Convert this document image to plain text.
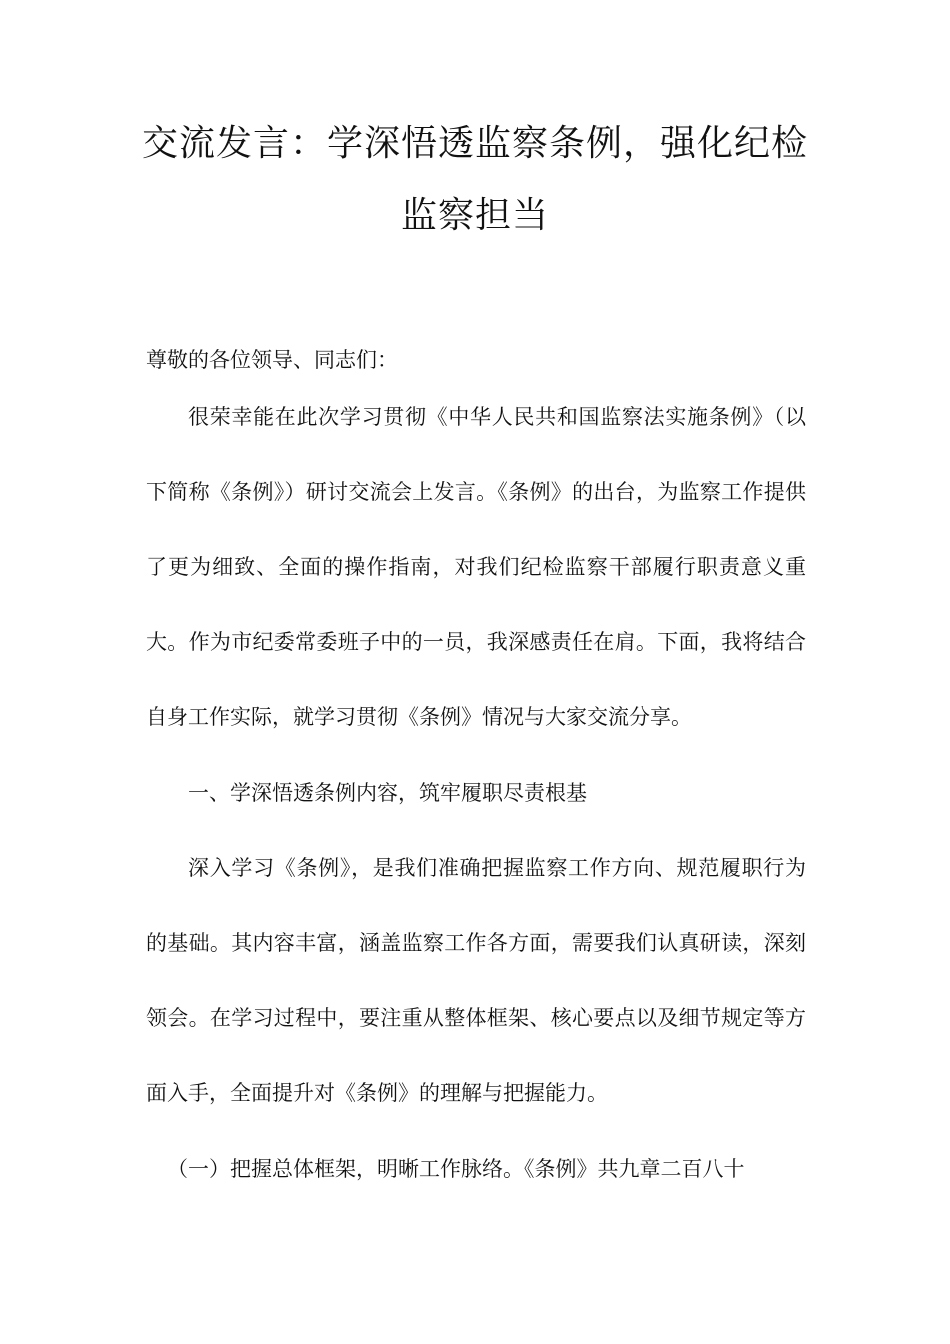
交流发言：学深悟透监察条例，强化纪检
监察担当

尊敬的各位领导、同志们：

很荣幸能在此次学习贯彻《中华人民共和国监察法实施条例》（以下简称《条例》）研讨交流会上发言。《条例》的出台，为监察工作提供了更为细致、全面的操作指南，对我们纪检监察干部履行职责意义重大。作为市纪委常委班子中的一员，我深感责任在肩。下面，我将结合自身工作实际，就学习贯彻《条例》情况与大家交流分享。

一、学深悟透条例内容，筑牢履职尽责根基

深入学习《条例》，是我们准确把握监察工作方向、规范履职行为的基础。其内容丰富，涵盖监察工作各方面，需要我们认真研读，深刻领会。在学习过程中，要注重从整体框架、核心要点以及细节规定等方面入手，全面提升对《条例》的理解与把握能力。

（一）把握总体框架，明晰工作脉络。《条例》共九章二百八十
